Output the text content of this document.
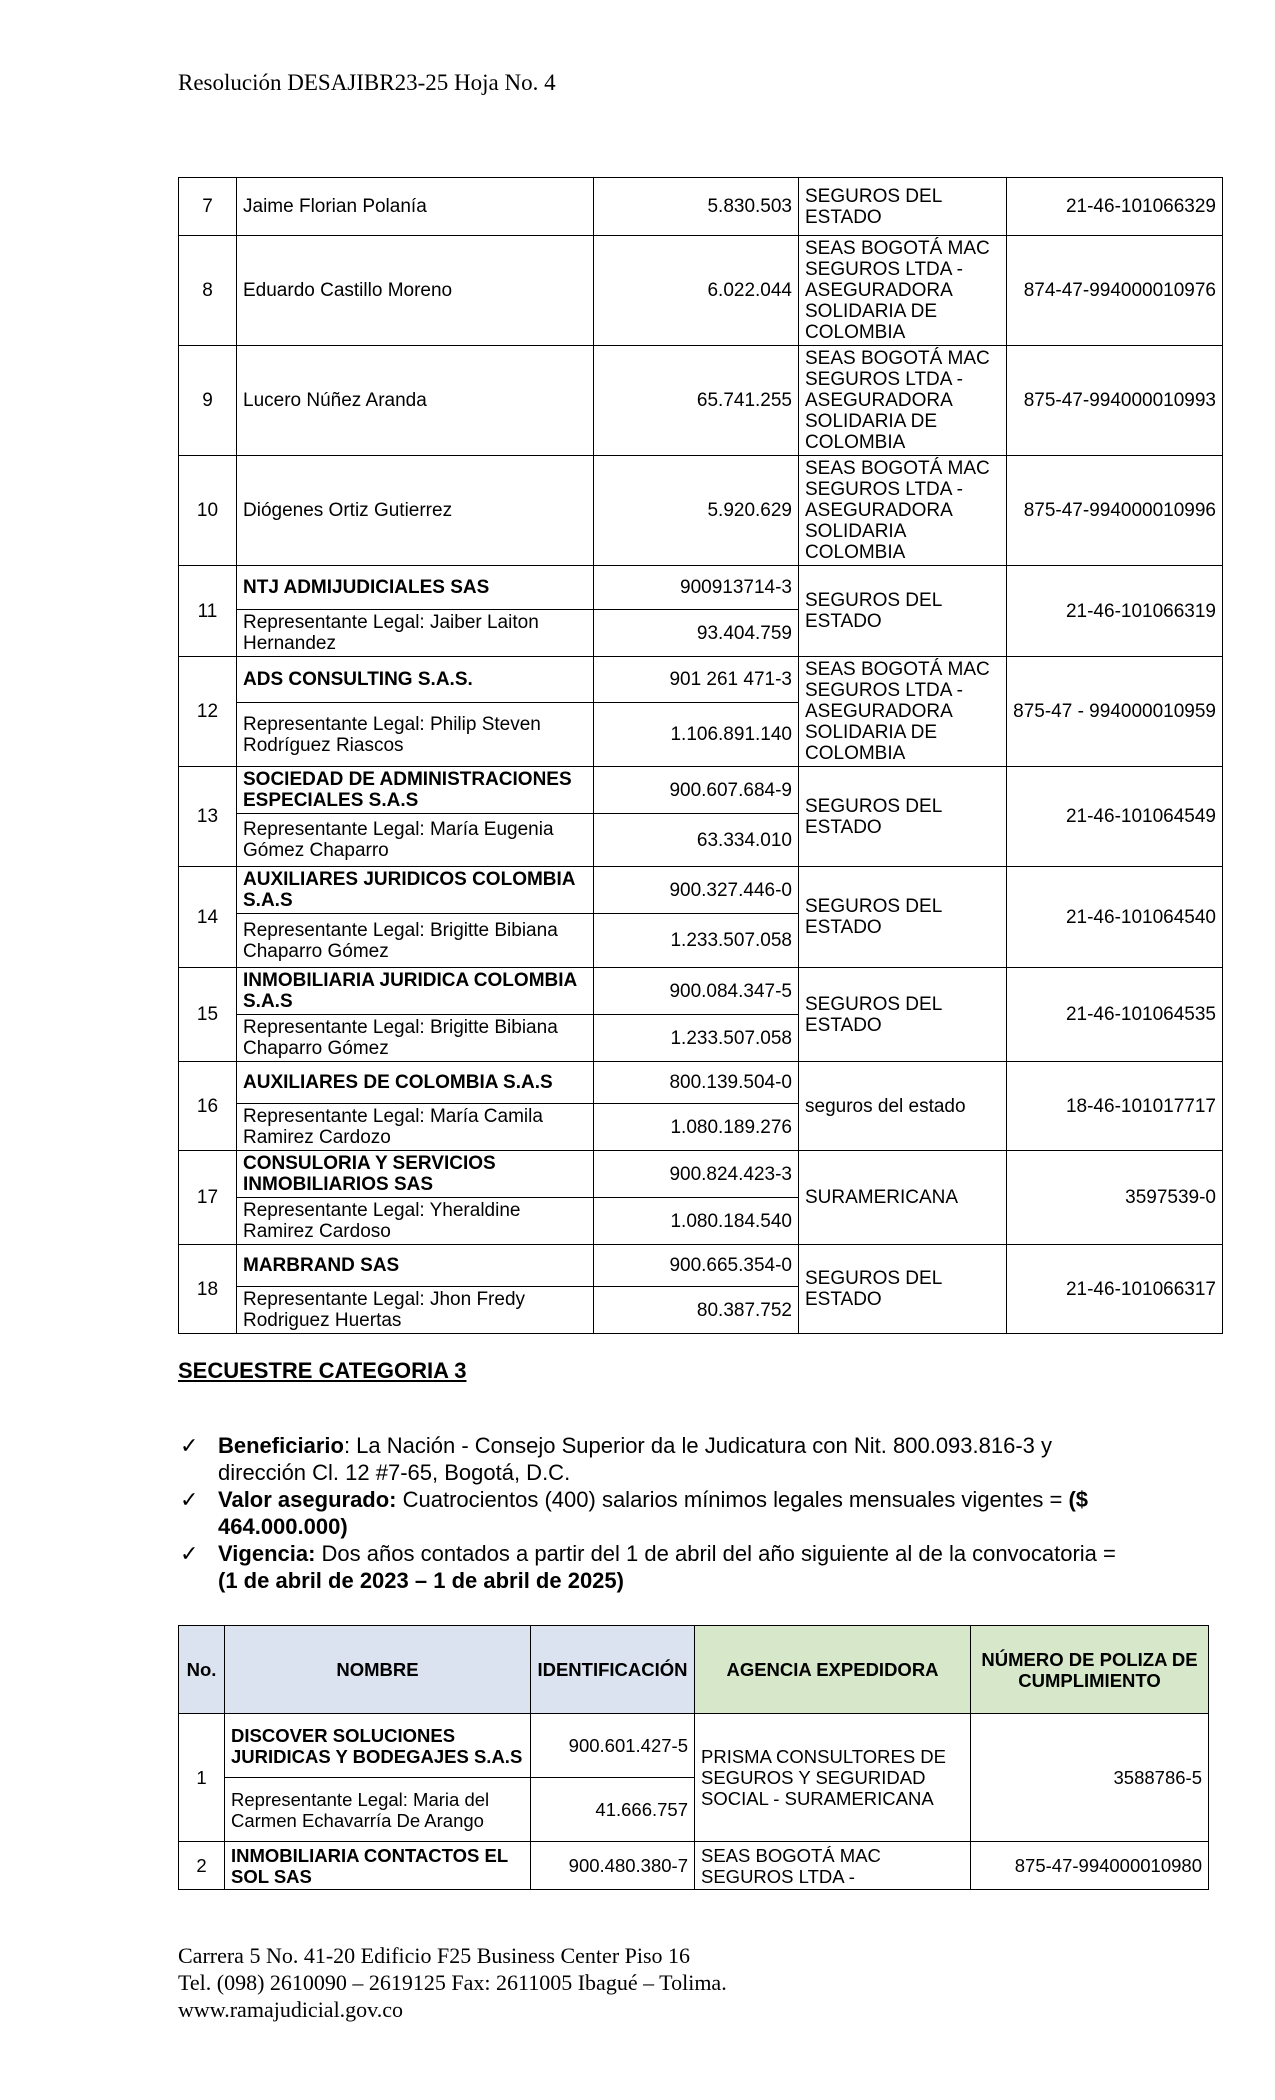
Resolución DESAJIBR23-25 Hoja No. 4
7	Jaime Florian Polanía	5.830.503	SEGUROS DEL ESTADO	21-46-101066329
8	Eduardo Castillo Moreno	6.022.044	SEAS BOGOTÁ MAC SEGUROS LTDA - ASEGURADORA SOLIDARIA DE COLOMBIA	874-47-994000010976
9	Lucero Núñez Aranda	65.741.255	SEAS BOGOTÁ MAC SEGUROS LTDA - ASEGURADORA SOLIDARIA DE COLOMBIA	875-47-994000010993
10	Diógenes Ortiz Gutierrez	5.920.629	SEAS BOGOTÁ MAC SEGUROS LTDA - ASEGURADORA SOLIDARIA COLOMBIA	875-47-994000010996
11	NTJ ADMIJUDICIALES SAS	900913714-3	SEGUROS DEL ESTADO	21-46-101066319
	Representante Legal: Jaiber Laiton Hernandez	93.404.759		
12	ADS CONSULTING S.A.S.	901 261 471-3	SEAS BOGOTÁ MAC SEGUROS LTDA - ASEGURADORA SOLIDARIA DE COLOMBIA	875-47 - 994000010959
	Representante Legal: Philip Steven Rodríguez Riascos	1.106.891.140		
13	SOCIEDAD DE ADMINISTRACIONES ESPECIALES S.A.S	900.607.684-9	SEGUROS DEL ESTADO	21-46-101064549
	Representante Legal: María Eugenia Gómez Chaparro	63.334.010		
14	AUXILIARES JURIDICOS COLOMBIA S.A.S	900.327.446-0	SEGUROS DEL ESTADO	21-46-101064540
	Representante Legal: Brigitte Bibiana Chaparro Gómez	1.233.507.058		
15	INMOBILIARIA JURIDICA COLOMBIA S.A.S	900.084.347-5	SEGUROS DEL ESTADO	21-46-101064535
	Representante Legal: Brigitte Bibiana Chaparro Gómez	1.233.507.058		
16	AUXILIARES DE COLOMBIA S.A.S	800.139.504-0	seguros del estado	18-46-101017717
	Representante Legal: María Camila Ramirez Cardozo	1.080.189.276		
17	CONSULORIA Y SERVICIOS INMOBILIARIOS SAS	900.824.423-3	SURAMERICANA	3597539-0
	Representante Legal: Yheraldine Ramirez Cardoso	1.080.184.540		
18	MARBRAND SAS	900.665.354-0	SEGUROS DEL ESTADO	21-46-101066317
	Representante Legal: Jhon Fredy Rodriguez Huertas	80.387.752		
SECUESTRE CATEGORIA 3
✓ Beneficiario: La Nación - Consejo Superior da le Judicatura con Nit. 800.093.816-3 y dirección Cl. 12 #7-65, Bogotá, D.C.
✓ Valor asegurado: Cuatrocientos (400) salarios mínimos legales mensuales vigentes = ($ 464.000.000)
✓ Vigencia: Dos años contados a partir del 1 de abril del año siguiente al de la convocatoria = (1 de abril de 2023 – 1 de abril de 2025)
No.	NOMBRE	IDENTIFICACIÓN	AGENCIA EXPEDIDORA	NÚMERO DE POLIZA DE CUMPLIMIENTO
1	DISCOVER SOLUCIONES JURIDICAS Y BODEGAJES S.A.S	900.601.427-5	PRISMA CONSULTORES DE SEGUROS Y SEGURIDAD SOCIAL - SURAMERICANA	3588786-5
	Representante Legal: Maria del Carmen Echavarría De Arango	41.666.757		
2	INMOBILIARIA CONTACTOS EL SOL SAS	900.480.380-7	SEAS BOGOTÁ MAC SEGUROS LTDA -	875-47-994000010980
Carrera 5 No. 41-20 Edificio F25 Business Center Piso 16
Tel. (098) 2610090 – 2619125 Fax: 2611005 Ibagué – Tolima.
www.ramajudicial.gov.co
